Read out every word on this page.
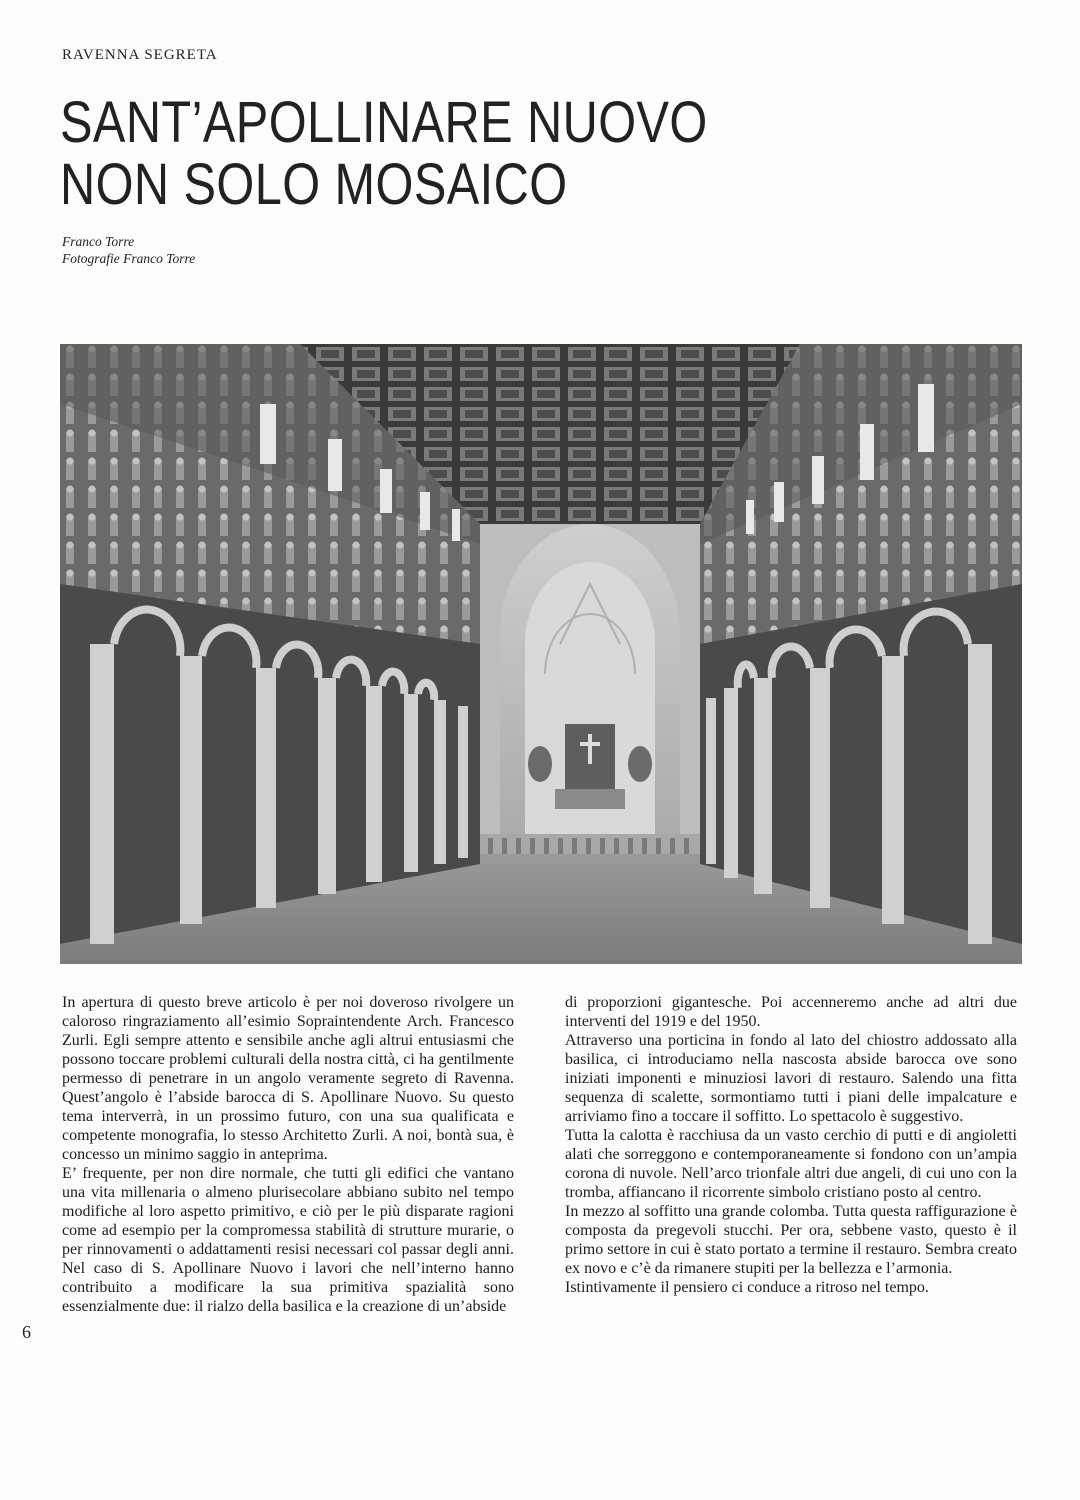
RAVENNA SEGRETA
SANT’APOLLINARE NUOVO
NON SOLO MOSAICO
Franco Torre
Fotografie Franco Torre

In apertura di questo breve articolo è per noi doveroso rivolgere un caloroso ringraziamento all’esimio Sopraintendente Arch. Francesco Zurli. Egli sempre attento e sensibile anche agli altrui entusiasmi che possono toccare problemi culturali della nostra città, ci ha gentilmente permesso di penetrare in un angolo veramente segreto di Ravenna. Quest’angolo è l’abside barocca di S. Apollinare Nuovo. Su questo tema interverrà, in un prossimo futuro, con una sua qualificata e competente monografia, lo stesso Architetto Zurli. A noi, bontà sua, è concesso un minimo saggio in anteprima.

E’ frequente, per non dire normale, che tutti gli edifici che vantano una vita millenaria o almeno plurisecolare abbiano subito nel tempo modifiche al loro aspetto primitivo, e ciò per le più disparate ragioni come ad esempio per la compromessa stabilità di strutture murarie, o per rinnovamenti o addattamenti resisi necessari col passar degli anni. Nel caso di S. Apollinare Nuovo i lavori che nell’interno hanno contribuito a modificare la sua primitiva spazialità sono essenzialmente due: il rialzo della basilica e la creazione di un’abside

di proporzioni gigantesche. Poi accenneremo anche ad altri due interventi del 1919 e del 1950.

Attraverso una porticina in fondo al lato del chiostro addossato alla basilica, ci introduciamo nella nascosta abside barocca ove sono iniziati imponenti e minuziosi lavori di restauro. Salendo una fitta sequenza di scalette, sormontiamo tutti i piani delle impalcature e arriviamo fino a toccare il soffitto. Lo spettacolo è suggestivo.

Tutta la calotta è racchiusa da un vasto cerchio di putti e di angioletti alati che sorreggono e contemporaneamente si fondono con un’ampia corona di nuvole. Nell’arco trionfale altri due angeli, di cui uno con la tromba, affiancano il ricorrente simbolo cristiano posto al centro.

In mezzo al soffitto una grande colomba. Tutta questa raffigurazione è composta da pregevoli stucchi. Per ora, sebbene vasto, questo è il primo settore in cui è stato portato a termine il restauro. Sembra creato ex novo e c’è da rimanere stupiti per la bellezza e l’armonia.

Istintivamente il pensiero ci conduce a ritroso nel tempo.

6
